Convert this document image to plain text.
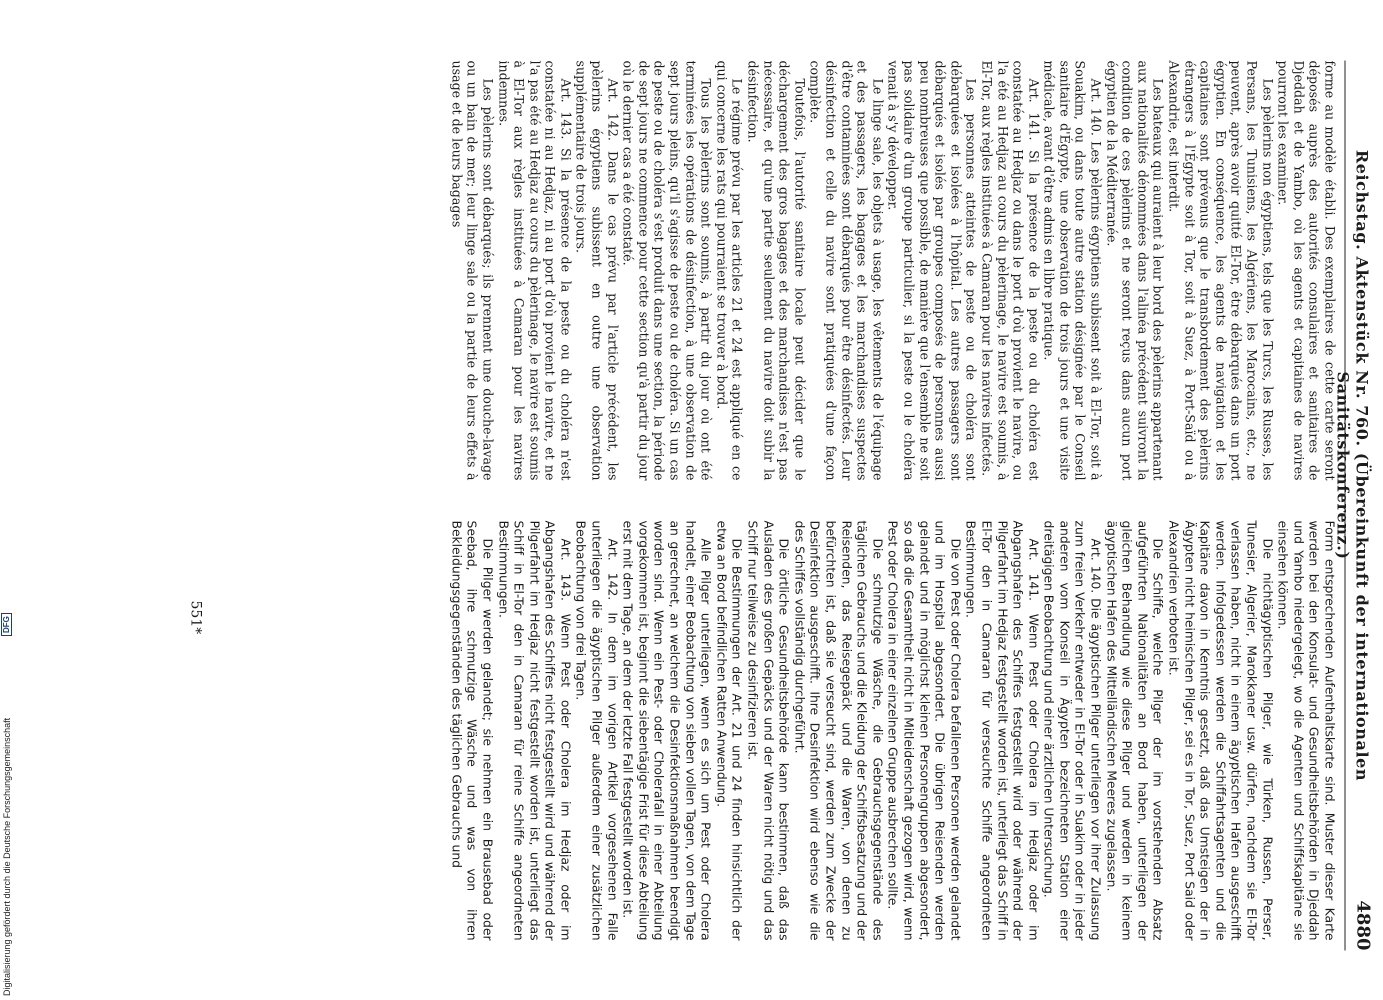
Reichstag. Aktenstück Nr. 760. (Übereinkunft der internationalen Sanitätskonferenz.)
4880

forme au modèle établi. Des exemplaires de cette carte seront déposés auprès des autorités consulaires et sanitaires de Djeddah et de Yambo, où les agents et capitaines de navires pourront les examiner.

Les pèlerins non égyptiens, tels que les Turcs, les Russes, les Persans, les Tunisiens, les Algériens, les Marocains, etc., ne peuvent, après avoir quitté El-Tor, être débarqués dans un port égyptien. En conséquence, les agents de navigation et les capitaines sont prévenus que le transbordement des pèlerins étrangers à l'Égypte soit à Tor, soit à Suez, à Port-Saïd ou à Alexandrie, est interdit.

Les bateaux qui auraient à leur bord des pèlerins appartenant aux nationalités dénommées dans l'alinéa précédent suivront la condition de ces pèlerins et ne seront reçus dans aucun port égyptien de la Méditerranée.

Art. 140. Les pèlerins égyptiens subissent soit à El-Tor, soit à Souakim, ou dans toute autre station désignée par le Conseil sanitaire d'Égypte, une observation de trois jours et une visite médicale, avant d'être admis en libre pratique.

Art. 141. Si la présence de la peste ou du choléra est constatée au Hedjaz ou dans le port d'où provient le navire, ou l'a été au Hedjaz au cours du pèlerinage, le navire est soumis, à El-Tor, aux règles instituées à Camaran pour les navires infectés.

Les personnes atteintes de peste ou de choléra sont débarquées et isolées à l'hôpital. Les autres passagers sont débarqués et isolés par groupes composés de personnes aussi peu nombreuses que possible, de manière que l'ensemble ne soit pas solidaire d'un groupe particulier, si la peste ou le choléra venait à s'y développer.

Le linge sale, les objets à usage, les vêtements de l'équipage et des passagers, les bagages et les marchandises suspectes d'être contaminées sont débarqués pour être désinfectés. Leur désinfection et celle du navire sont pratiquées d'une façon complète.

Toutefois, l'autorité sanitaire locale peut décider que le déchargement des gros bagages et des marchandises n'est pas nécessaire, et qu'une partie seulement du navire doit subir la désinfection.

Le régime prévu par les articles 21 et 24 est appliqué en ce qui concerne les rats qui pourraient se trouver à bord.

Tous les pèlerins sont soumis, à partir du jour où ont été terminées les opérations de désinfection, à une observation de sept jours pleins, qu'il s'agisse de peste ou de choléra. Si un cas de peste ou de choléra s'est produit dans une section, la période de sept jours ne commence pour cette section qu'à partir du jour où le dernier cas a été constaté.

Art. 142. Dans le cas prévu par l'article précédent, les pèlerins égyptiens subissent en outre une observation supplémentaire de trois jours.

Art. 143. Si la présence de la peste ou du choléra n'est constatée ni au Hedjaz, ni au port d'où provient le navire, et ne l'a pas été au Hedjaz au cours du pèlerinage, le navire est soumis à El-Tor aux règles instituées à Camaran pour les navires indemnes.

Les pèlerins sont débarqués; ils prennent une douche-lavage ou un bain de mer; leur linge sale ou la partie de leurs effets à usage et de leurs bagages

Form entsprechenden Aufenthaltskarte sind. Muster dieser Karte werden bei den Konsulat- und Gesundheitsbehörden in Djeddah und Yambo niedergelegt, wo die Agenten und Schiffskapitäne sie einsehen können.

Die nichtägyptischen Pilger, wie Türken, Russen, Perser, Tunesier, Algerier, Marokkaner usw. dürfen, nachdem sie El-Tor verlassen haben, nicht in einem ägyptischen Hafen ausgeschifft werden. Infolgedessen werden die Schiffahrtsagenten und die Kapitäne davon in Kenntnis gesetzt, daß das Umsteigen der in Ägypten nicht heimischen Pilger, sei es in Tor, Suez, Port Said oder Alexandrien verboten ist.

Die Schiffe, welche Pilger der im vorstehenden Absatz aufgeführten Nationalitäten an Bord haben, unterliegen der gleichen Behandlung wie diese Pilger und werden in keinem ägyptischen Hafen des Mittelländischen Meeres zugelassen.

Art. 140. Die ägyptischen Pilger unterliegen vor ihrer Zulassung zum freien Verkehr entweder in El-Tor oder in Suakim oder in jeder anderen vom Konseil in Ägypten bezeichneten Station einer dreitägigen Beobachtung und einer ärztlichen Untersuchung.

Art. 141. Wenn Pest oder Cholera im Hedjaz oder im Abgangshafen des Schiffes festgestellt wird oder während der Pilgerfahrt im Hedjaz festgestellt worden ist, unterliegt das Schiff in El-Tor den in Camaran für verseuchte Schiffe angeordneten Bestimmungen.

Die von Pest oder Cholera befallenen Personen werden gelandet und im Hospital abgesondert. Die übrigen Reisenden werden gelandet und in möglichst kleinen Personengruppen abgesondert, so daß die Gesamtheit nicht in Mitleidenschaft gezogen wird, wenn Pest oder Cholera in einer einzelnen Gruppe ausbrechen sollte.

Die schmutzige Wäsche, die Gebrauchsgegenstände des täglichen Gebrauchs und die Kleidung der Schiffsbesatzung und der Reisenden, das Reisegepäck und die Waren, von denen zu befürchten ist, daß sie verseucht sind, werden zum Zwecke der Desinfektion ausgeschifft. Ihre Desinfektion wird ebenso wie die des Schiffes vollständig durchgeführt.

Die örtliche Gesundheitsbehörde kann bestimmen, daß das Ausladen des großen Gepäcks und der Waren nicht nötig und das Schiff nur teilweise zu desinfizieren ist.

Die Bestimmungen der Art. 21 und 24 finden hinsichtlich der etwa an Bord befindlichen Ratten Anwendung.

Alle Pilger unterliegen, wenn es sich um Pest oder Cholera handelt, einer Beobachtung von sieben vollen Tagen, von dem Tage an gerechnet, an welchem die Desinfektionsmaßnahmen beendigt worden sind. Wenn ein Pest- oder Cholerafall in einer Abteilung vorgekommen ist, beginnt die siebentägige Frist für diese Abteilung erst mit dem Tage, an dem der letzte Fall festgestellt worden ist.

Art. 142. In dem im vorigen Artikel vorgesehenen Falle unterliegen die ägyptischen Pilger außerdem einer zusätzlichen Beobachtung von drei Tagen.

Art. 143. Wenn Pest oder Cholera im Hedjaz oder im Abgangshafen des Schiffes nicht festgestellt wird und während der Pilgerfahrt im Hedjaz nicht festgestellt worden ist, unterliegt das Schiff in El-Tor den in Camaran für reine Schiffe angeordneten Bestimmungen.

Die Pilger werden gelandet; sie nehmen ein Brausebad oder Seebad, ihre schmutzige Wäsche und was von ihren Bekleidungsgegenständen des täglichen Gebrauchs und

551*
Digitalisierung gefördert durch die Deutsche Forschungsgemeinschaft
DFG
